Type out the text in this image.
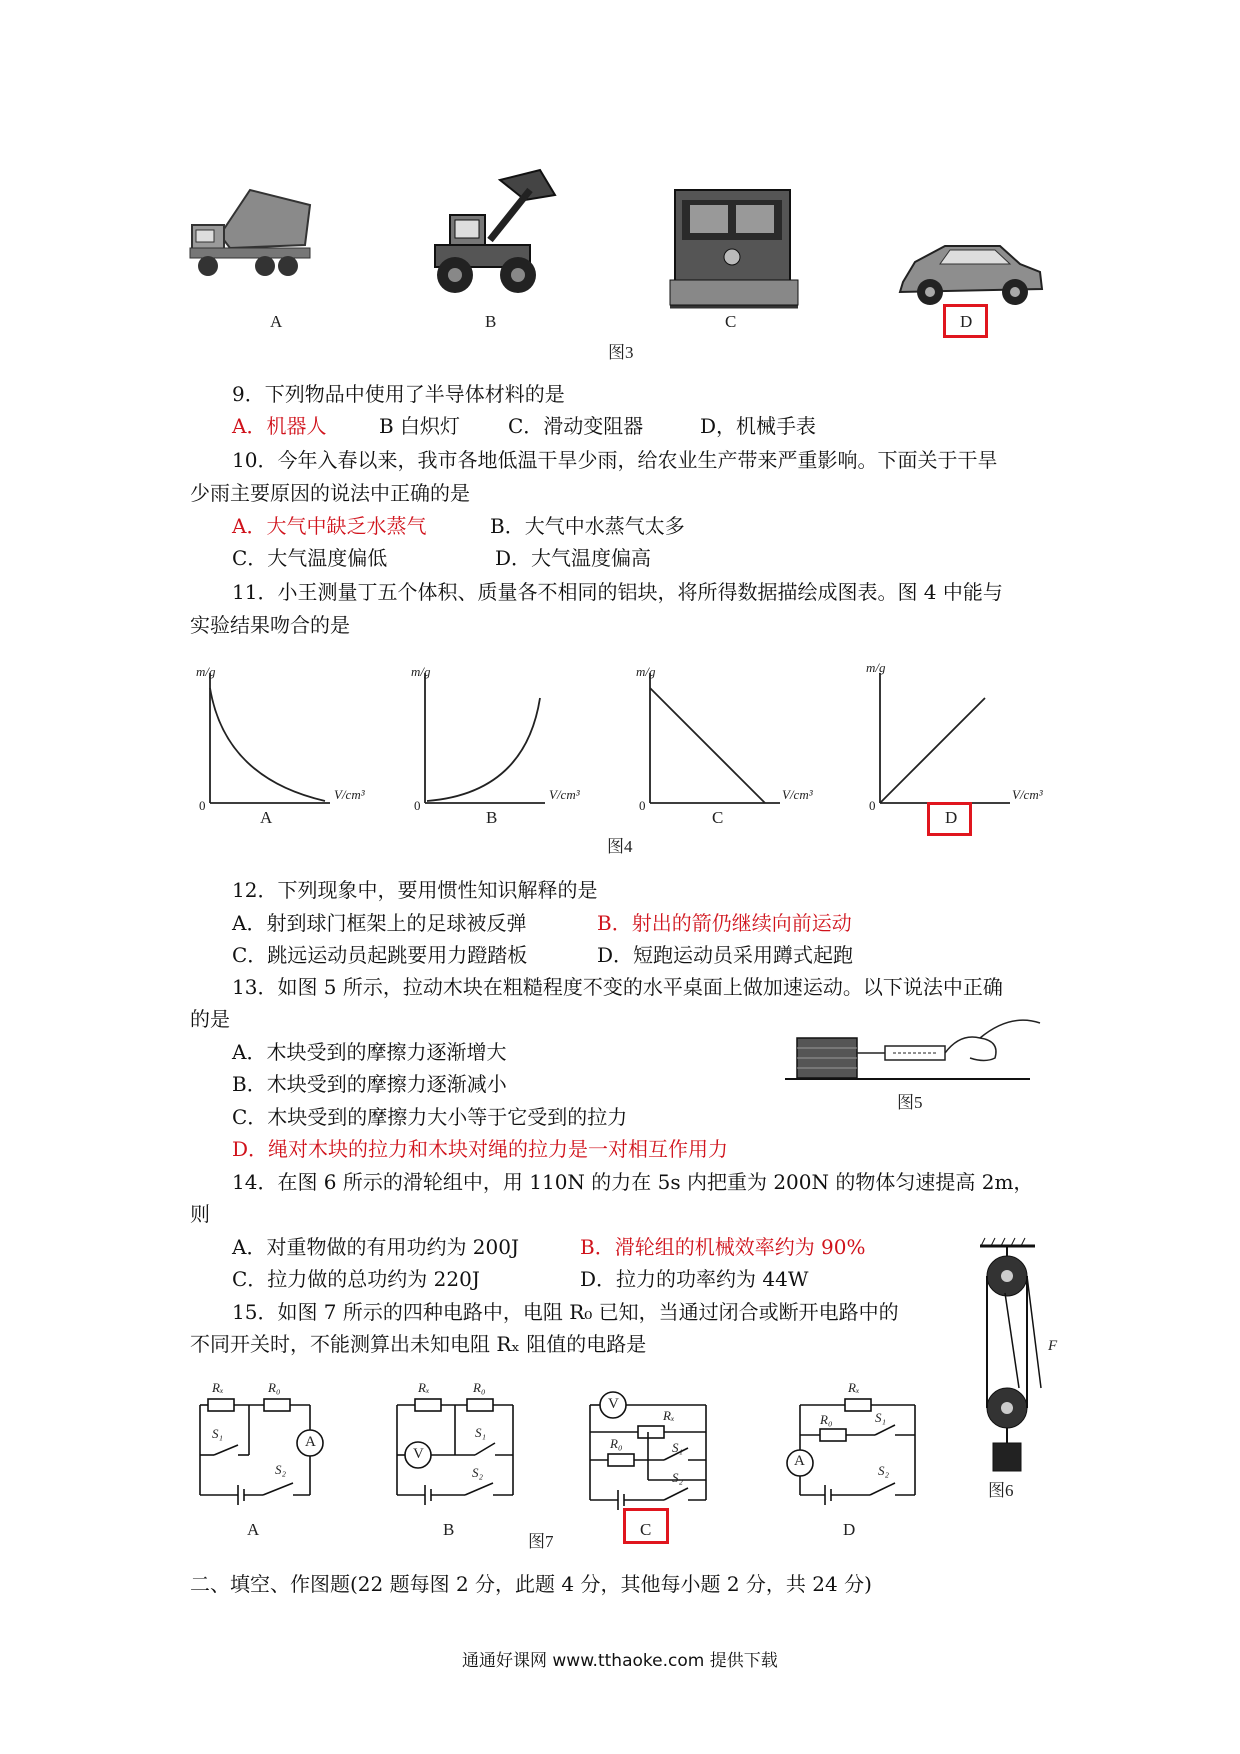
A	B	C	D
图3
9．下列物品中使用了半导体材料的是
A．机器人	B 白炽灯 C．滑动变阻器	D，机械手表
10．今年入春以来，我市各地低温干旱少雨，给农业生产带来严重影响。下面关于干旱
少雨主要原因的说法中正确的是
A．大气中缺乏水蒸气	B．大气中水蒸气太多
C．大气温度偏低	D．大气温度偏高
11．小王测量丁五个体积、质量各不相同的铝块，将所得数据描绘成图表。图 4 中能与
实验结果吻合的是
m/g	m/g	m/g	m/g
V/cm³	V/cm³	V/cm³	V/cm³
0	0	0	0
A	B	C	D
图4
12．下列现象中，要用惯性知识解释的是
A．射到球门框架上的足球被反弹	B．射出的箭仍继续向前运动
C．跳远运动员起跳要用力蹬踏板	D．短跑运动员采用蹲式起跑
13．如图 5 所示，拉动木块在粗糙程度不变的水平桌面上做加速运动。以下说法中正确
的是
A．木块受到的摩擦力逐渐增大
B．木块受到的摩擦力逐渐减小
C．木块受到的摩擦力大小等于它受到的拉力
D．绳对木块的拉力和木块对绳的拉力是一对相互作用力
图5
14．在图 6 所示的滑轮组中，用 110N 的力在 5s 内把重为 200N 的物体匀速提高 2m，
则
A．对重物做的有用功约为 200J	B．滑轮组的机械效率约为 90%
C．拉力做的总功约为 220J	D．拉力的功率约为 44W
F
图6
15．如图 7 所示的四种电路中，电阻 R₀ 已知，当通过闭合或断开电路中的
不同开关时，不能测算出未知电阻 Rₓ 阻值的电路是
Rₓ	R₀
S₁
S₂
A
Rₓ	R₀
S₁
S₂
V
V
Rₓ
R₀	S₁
S₂
Rₓ
R₀	S₁
S₂
A
A	B	C	D
图7
二、填空、作图题(22 题每图 2 分，此题 4 分，其他每小题 2 分，共 24 分)
通通好课网 www.tthaoke.com 提供下载
